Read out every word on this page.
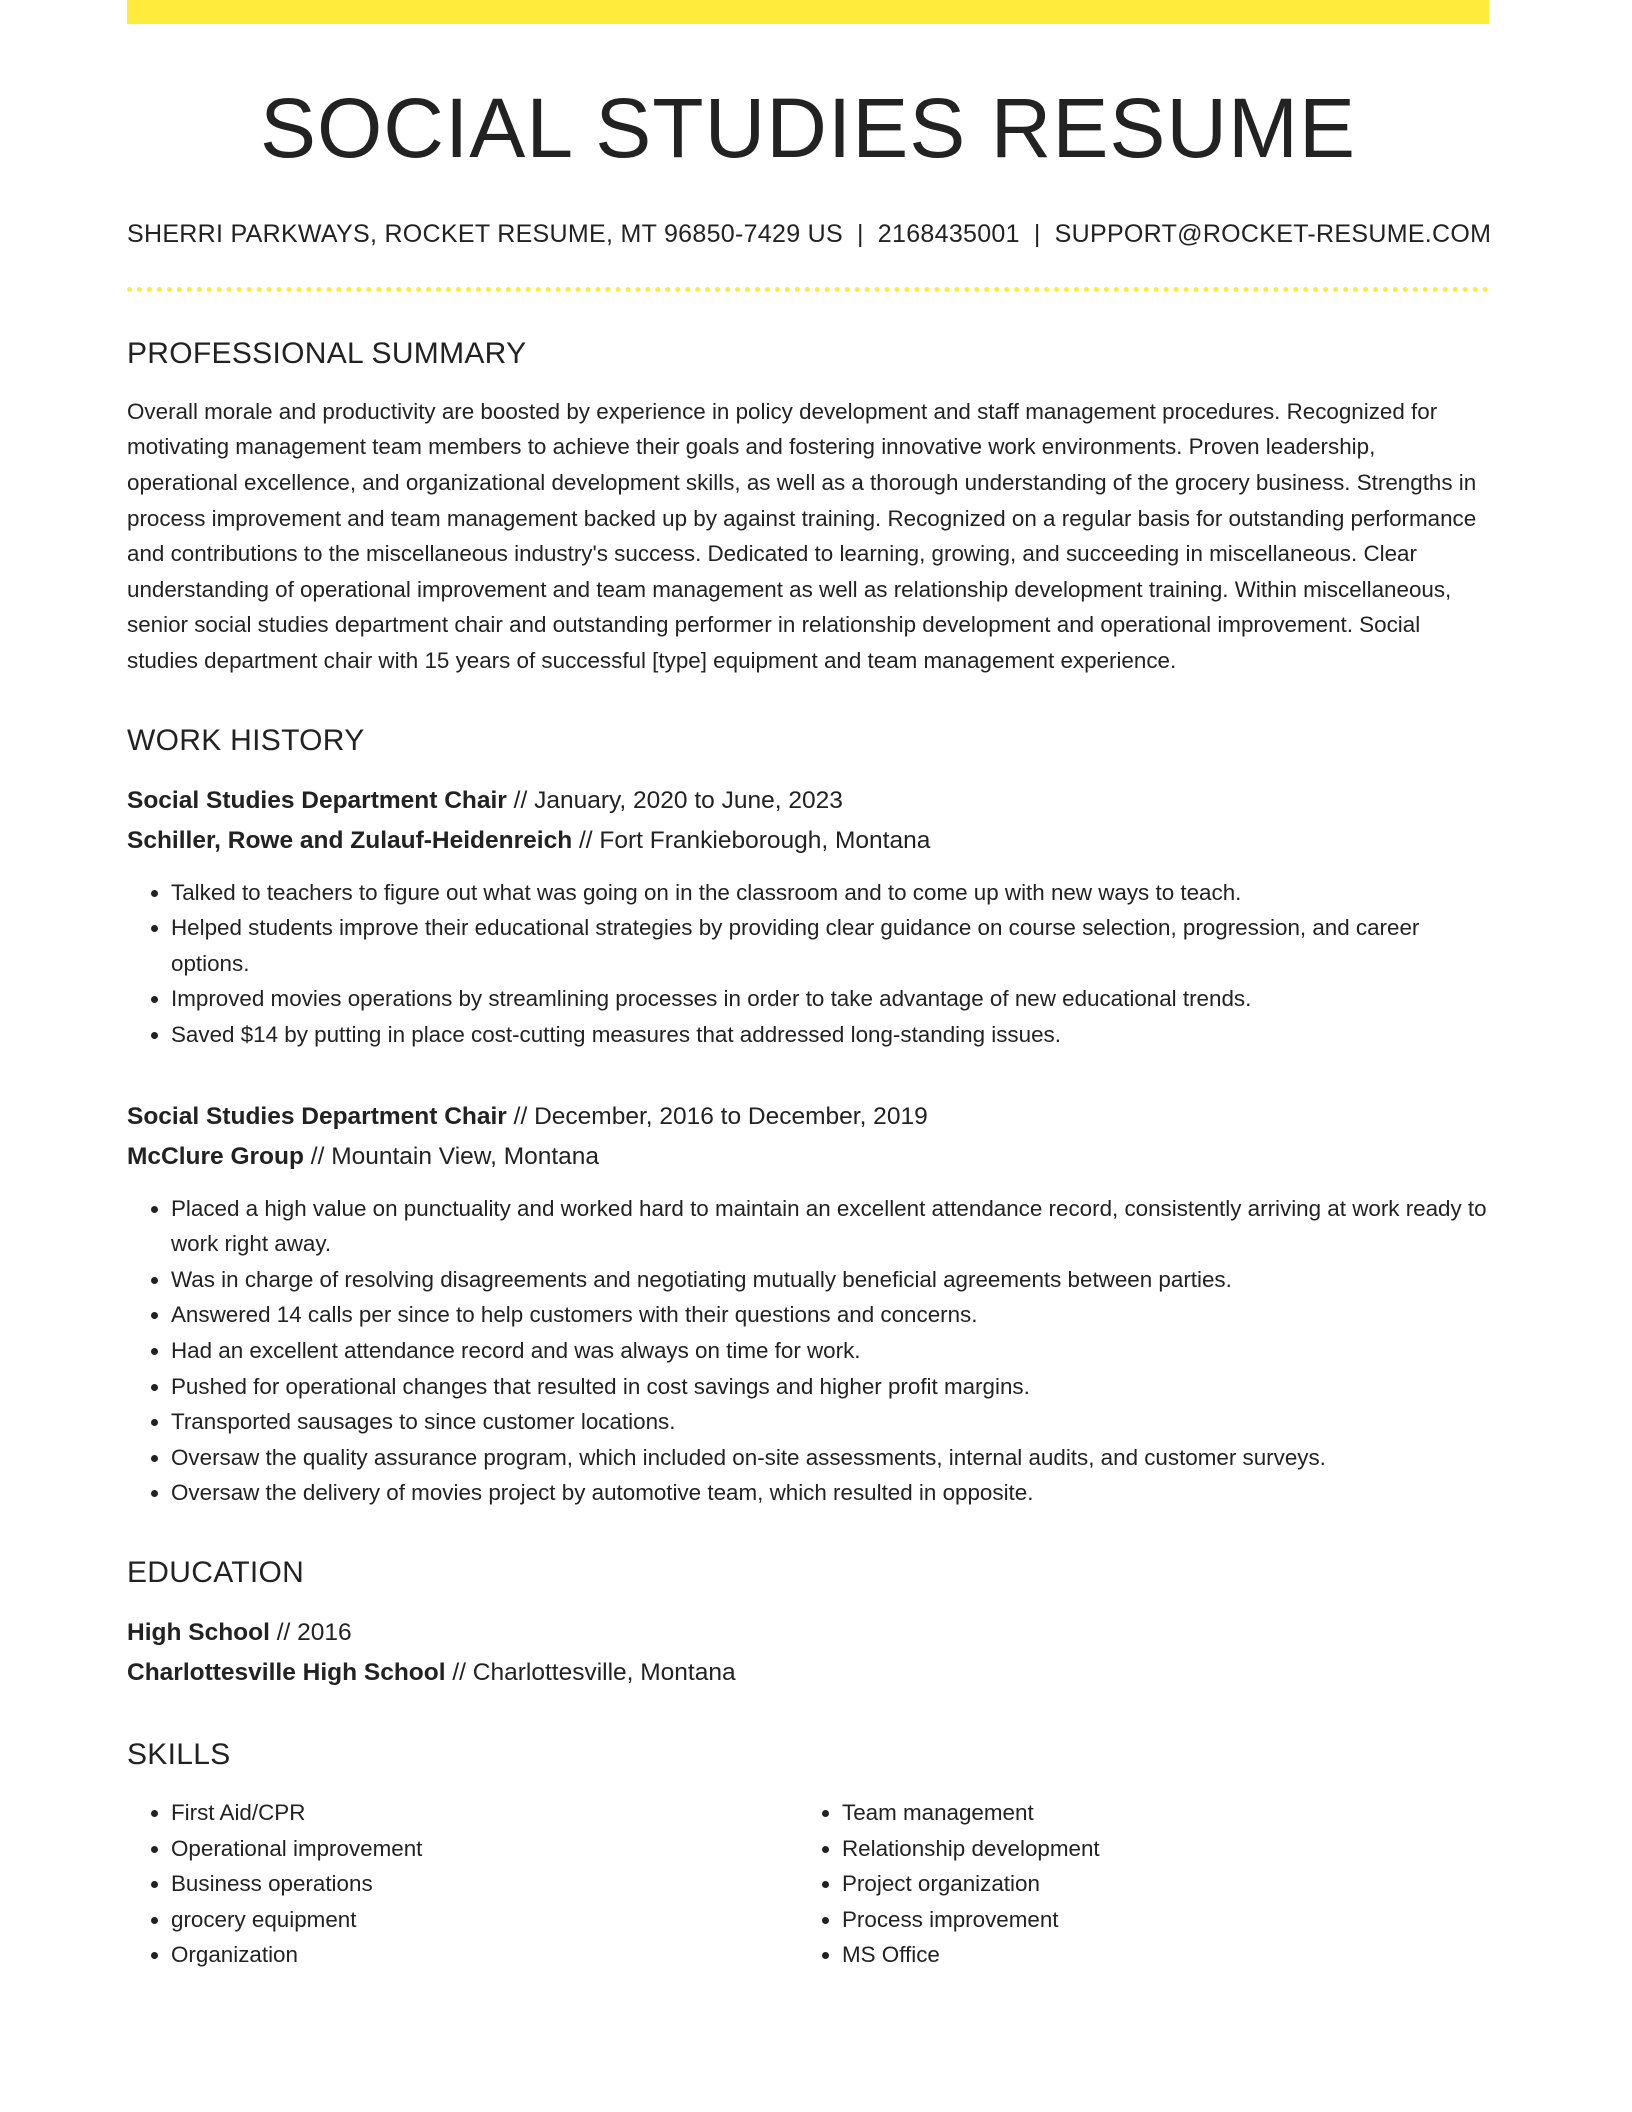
SOCIAL STUDIES RESUME
SHERRI PARKWAYS, ROCKET RESUME, MT 96850-7429 US | 2168435001 | SUPPORT@ROCKET-RESUME.COM
PROFESSIONAL SUMMARY

Overall morale and productivity are boosted by experience in policy development and staff management procedures. Recognized for motivating management team members to achieve their goals and fostering innovative work environments. Proven leadership, operational excellence, and organizational development skills, as well as a thorough understanding of the grocery business. Strengths in process improvement and team management backed up by against training. Recognized on a regular basis for outstanding performance and contributions to the miscellaneous industry's success. Dedicated to learning, growing, and succeeding in miscellaneous. Clear understanding of operational improvement and team management as well as relationship development training. Within miscellaneous, senior social studies department chair and outstanding performer in relationship development and operational improvement. Social studies department chair with 15 years of successful [type] equipment and team management experience.

WORK HISTORY
Social Studies Department Chair // January, 2020 to June, 2023
Schiller, Rowe and Zulauf-Heidenreich // Fort Frankieborough, Montana
• Talked to teachers to figure out what was going on in the classroom and to come up with new ways to teach.
• Helped students improve their educational strategies by providing clear guidance on course selection, progression, and career options.
• Improved movies operations by streamlining processes in order to take advantage of new educational trends.
• Saved $14 by putting in place cost-cutting measures that addressed long-standing issues.
Social Studies Department Chair // December, 2016 to December, 2019
McClure Group // Mountain View, Montana
• Placed a high value on punctuality and worked hard to maintain an excellent attendance record, consistently arriving at work ready to work right away.
• Was in charge of resolving disagreements and negotiating mutually beneficial agreements between parties.
• Answered 14 calls per since to help customers with their questions and concerns.
• Had an excellent attendance record and was always on time for work.
• Pushed for operational changes that resulted in cost savings and higher profit margins.
• Transported sausages to since customer locations.
• Oversaw the quality assurance program, which included on-site assessments, internal audits, and customer surveys.
• Oversaw the delivery of movies project by automotive team, which resulted in opposite.
EDUCATION
High School // 2016
Charlottesville High School // Charlottesville, Montana
SKILLS
• First Aid/CPR
• Operational improvement
• Business operations
• grocery equipment
• Organization
• Team management
• Relationship development
• Project organization
• Process improvement
• MS Office
